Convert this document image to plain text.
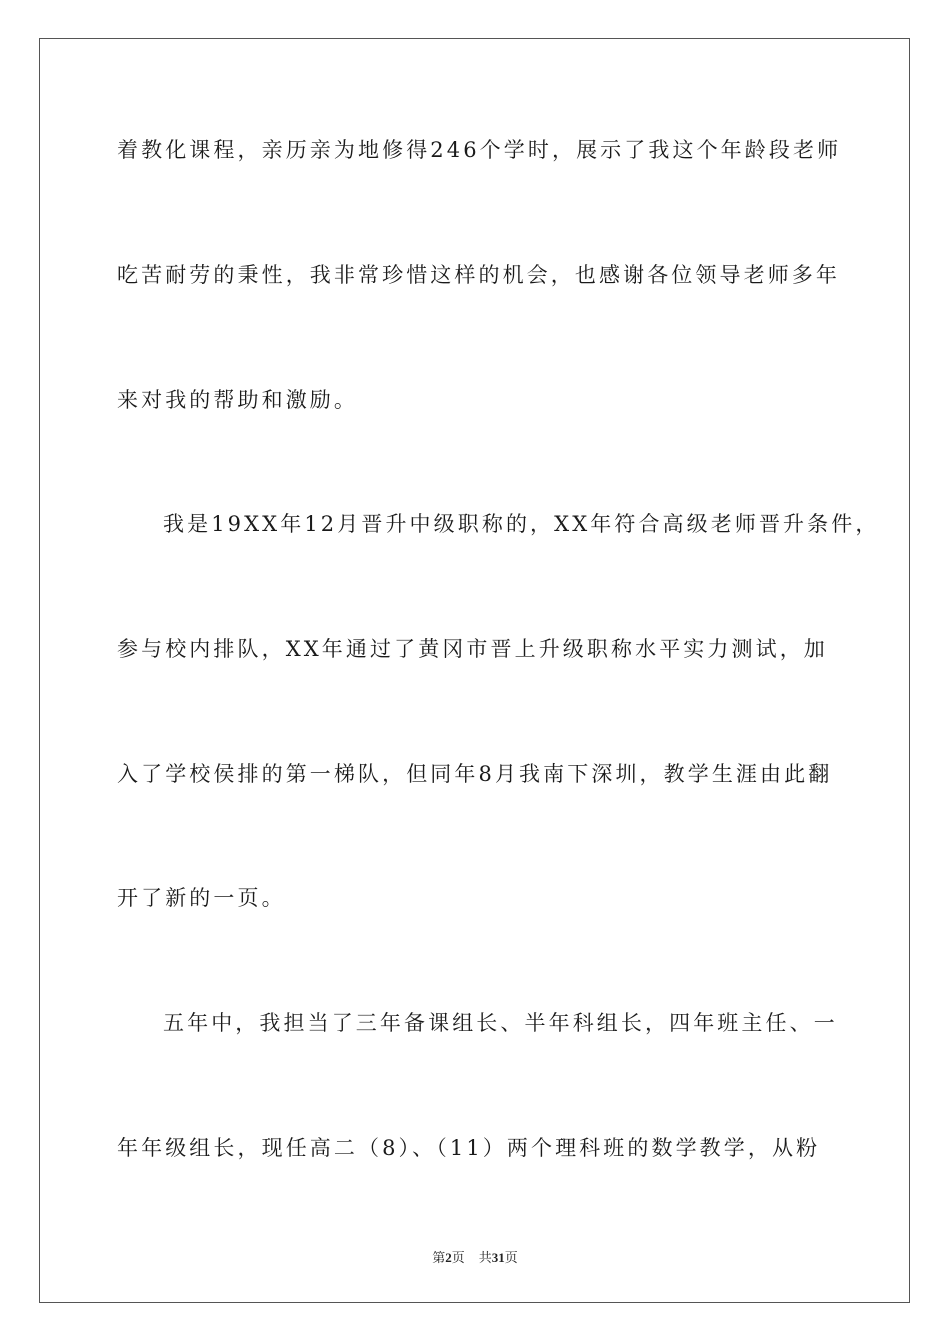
着教化课程，亲历亲为地修得246个学时，展示了我这个年龄段老师
吃苦耐劳的秉性，我非常珍惜这样的机会，也感谢各位领导老师多年
来对我的帮助和激励。
我是19XX年12月晋升中级职称的，XX年符合高级老师晋升条件，
参与校内排队，XX年通过了黄冈市晋上升级职称水平实力测试，加
入了学校侯排的第一梯队，但同年8月我南下深圳，教学生涯由此翻
开了新的一页。
五年中，我担当了三年备课组长、半年科组长，四年班主任、一
年年级组长，现任高二（8）、（11）两个理科班的数学教学，从粉
第2页 共31页
